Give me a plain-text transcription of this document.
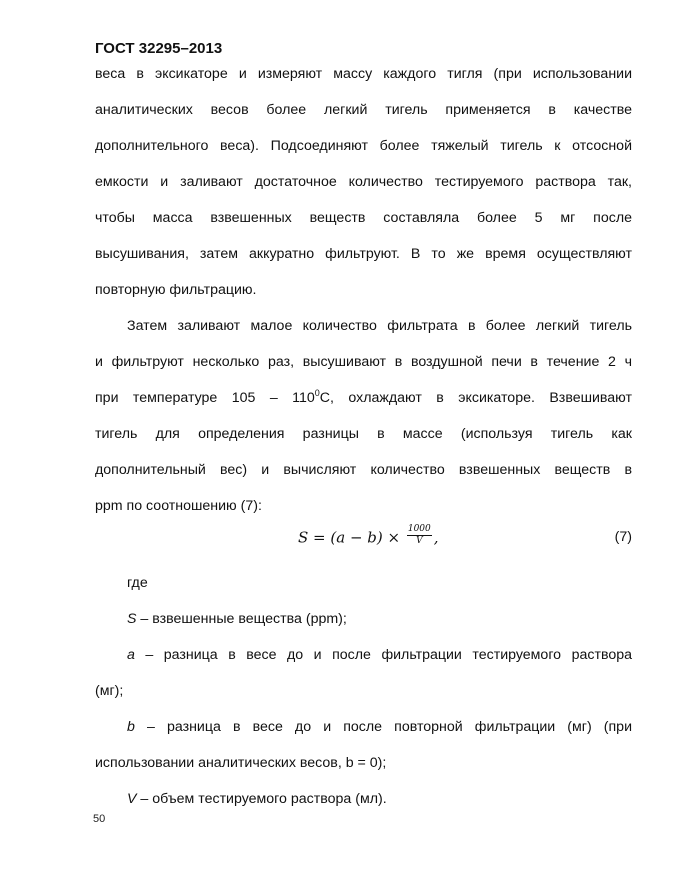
ГОСТ 32295–2013
веса в эксикаторе и измеряют массу каждого тигля (при использовании
аналитических весов более легкий тигель применяется в качестве
дополнительного веса). Подсоединяют более тяжелый тигель к отсосной
емкости и заливают достаточное количество тестируемого раствора так,
чтобы масса взвешенных веществ составляла более 5 мг после
высушивания, затем аккуратно фильтруют. В то же время осуществляют
повторную фильтрацию.
Затем заливают малое количество фильтрата в более легкий тигель
и фильтруют несколько раз, высушивают в воздушной печи в течение 2 ч
при температуре $105 - 110^0C$, охлаждают в эксикаторе. Взвешивают
тигель для определения разницы в массе (используя тигель как
дополнительный вес) и вычисляют количество взвешенных веществ в
ppm по соотношению (7):
$S = (a - b) \times \frac{1000}{V}$ ,	(7)
где
S – взвешенные вещества (ppm);
a – разница в весе до и после фильтрации тестируемого раствора
(мг);
b – разница в весе до и после повторной фильтрации (мг) (при
использовании аналитических весов, b = 0);
V – объем тестируемого раствора (мл).
50
